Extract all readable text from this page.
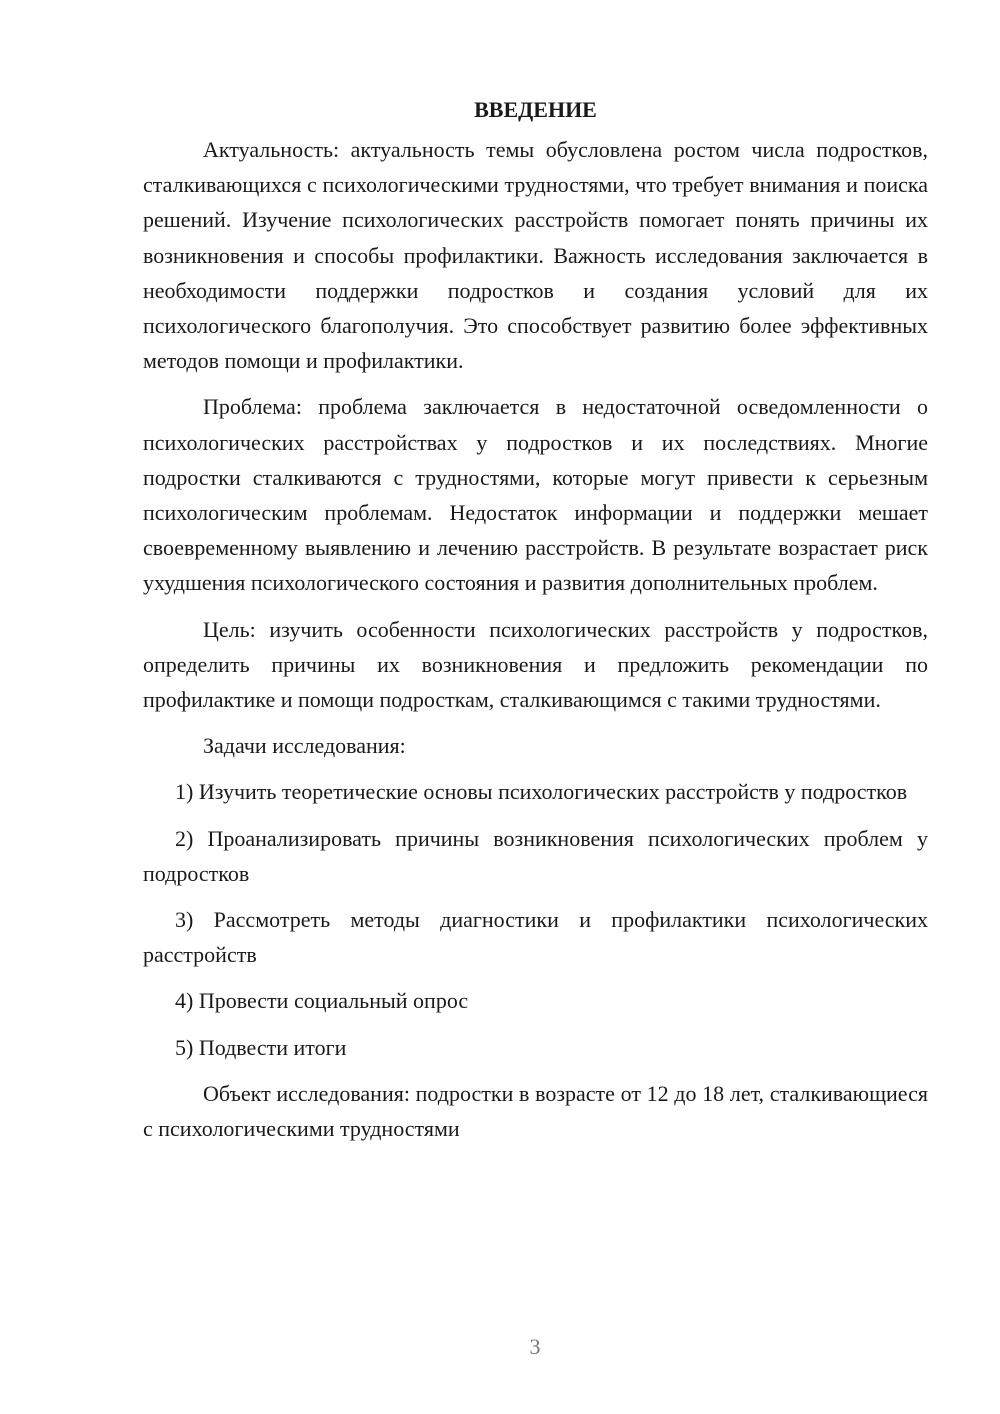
ВВЕДЕНИЕ

Актуальность: актуальность темы обусловлена ростом числа подростков, сталкивающихся с психологическими трудностями, что требует внимания и поиска решений. Изучение психологических расстройств помогает понять причины их возникновения и способы профилактики. Важность исследования заключается в необходимости поддержки подростков и создания условий для их психологического благополучия. Это способствует развитию более эффективных методов помощи и профилактики.

Проблема: проблема заключается в недостаточной осведомленности о психологических расстройствах у подростков и их последствиях. Многие подростки сталкиваются с трудностями, которые могут привести к серьезным психологическим проблемам. Недостаток информации и поддержки мешает своевременному выявлению и лечению расстройств. В результате возрастает риск ухудшения психологического состояния и развития дополнительных проблем.

Цель: изучить особенности психологических расстройств у подростков, определить причины их возникновения и предложить рекомендации по профилактике и помощи подросткам, сталкивающимся с такими трудностями.

Задачи исследования:

1) Изучить теоретические основы психологических расстройств у подростков

2) Проанализировать причины возникновения психологических проблем у подростков

3) Рассмотреть методы диагностики и профилактики психологических расстройств

4) Провести социальный опрос

5) Подвести итоги

Объект исследования: подростки в возрасте от 12 до 18 лет, сталкивающиеся с психологическими трудностями

3
